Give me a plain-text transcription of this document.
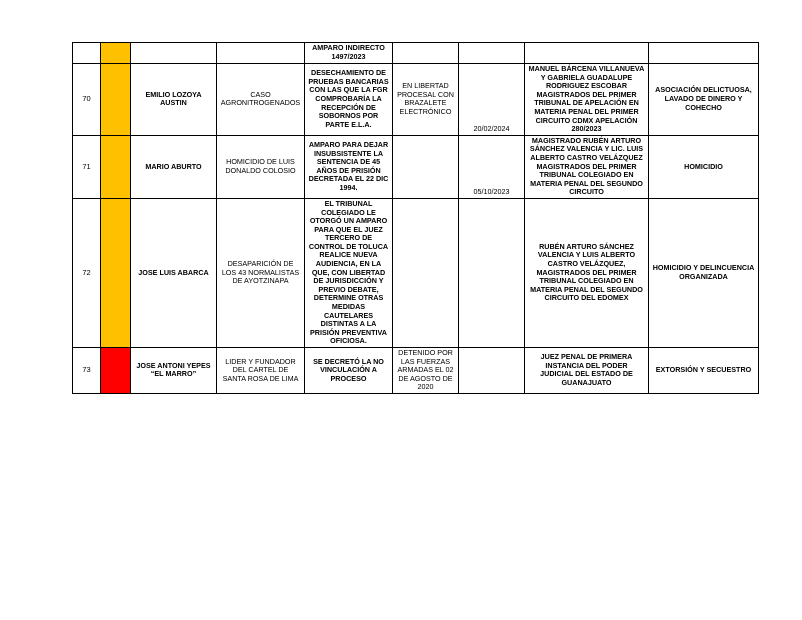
				AMPARO INDIRECTO 1497/2023				
70		EMILIO LOZOYA AUSTIN	CASO AGRONITROGENADOS	DESECHAMIENTO DE PRUEBAS BANCARIAS CON LAS QUE LA FGR COMPROBARÍA LA RECEPCIÓN DE SOBORNOS POR PARTE E.L.A.	EN LIBERTAD PROCESAL CON BRAZALETE ELECTRÓNICO	20/02/2024	MANUEL BÁRCENA VILLANUEVA Y GABRIELA GUADALUPE RODRIGUEZ ESCOBAR MAGISTRADOS DEL PRIMER TRIBUNAL DE APELACIÓN EN MATERIA PENAL DEL PRIMER CIRCUITO CDMX APELACIÓN 280/2023	ASOCIACIÓN DELICTUOSA, LAVADO DE DINERO Y COHECHO
71		MARIO ABURTO	HOMICIDIO DE LUIS DONALDO COLOSIO	AMPARO PARA DEJAR INSUBSISTENTE LA SENTENCIA DE 45 AÑOS DE PRISIÓN DECRETADA EL 22 DIC 1994.		05/10/2023	MAGISTRADO RUBÉN ARTURO SÁNCHEZ VALENCIA Y LIC. LUIS ALBERTO CASTRO VELÁZQUEZ MAGISTRADOS DEL PRIMER TRIBUNAL COLEGIADO EN MATERIA PENAL DEL SEGUNDO CIRCUITO	HOMICIDIO
72		JOSE LUIS ABARCA	DESAPARICIÓN DE LOS 43 NORMALISTAS DE AYOTZINAPA	EL TRIBUNAL COLEGIADO LE OTORGÓ UN AMPARO PARA QUE EL JUEZ TERCERO DE CONTROL DE TOLUCA REALICE NUEVA AUDIENCIA, EN LA QUE, CON LIBERTAD DE JURISDICCIÓN Y PREVIO DEBATE, DETERMINE OTRAS MEDIDAS CAUTELARES DISTINTAS A LA PRISIÓN PREVENTIVA OFICIOSA.			RUBÉN ARTURO SÁNCHEZ VALENCIA Y LUIS ALBERTO CASTRO VELÁZQUEZ, MAGISTRADOS DEL PRIMER TRIBUNAL COLEGIADO EN MATERIA PENAL DEL SEGUNDO CIRCUITO DEL EDOMEX	HOMICIDIO Y DELINCUENCIA ORGANIZADA
73		JOSE ANTONI YEPES “EL MARRO”	LIDER Y FUNDADOR DEL CARTEL DE SANTA ROSA DE LIMA	SE DECRETÓ LA NO VINCULACIÓN A PROCESO	DETENIDO POR LAS FUERZAS ARMADAS EL 02 DE AGOSTO DE 2020		JUEZ PENAL DE PRIMERA INSTANCIA DEL PODER JUDICIAL DEL ESTADO DE GUANAJUATO	EXTORSIÓN Y SECUESTRO
